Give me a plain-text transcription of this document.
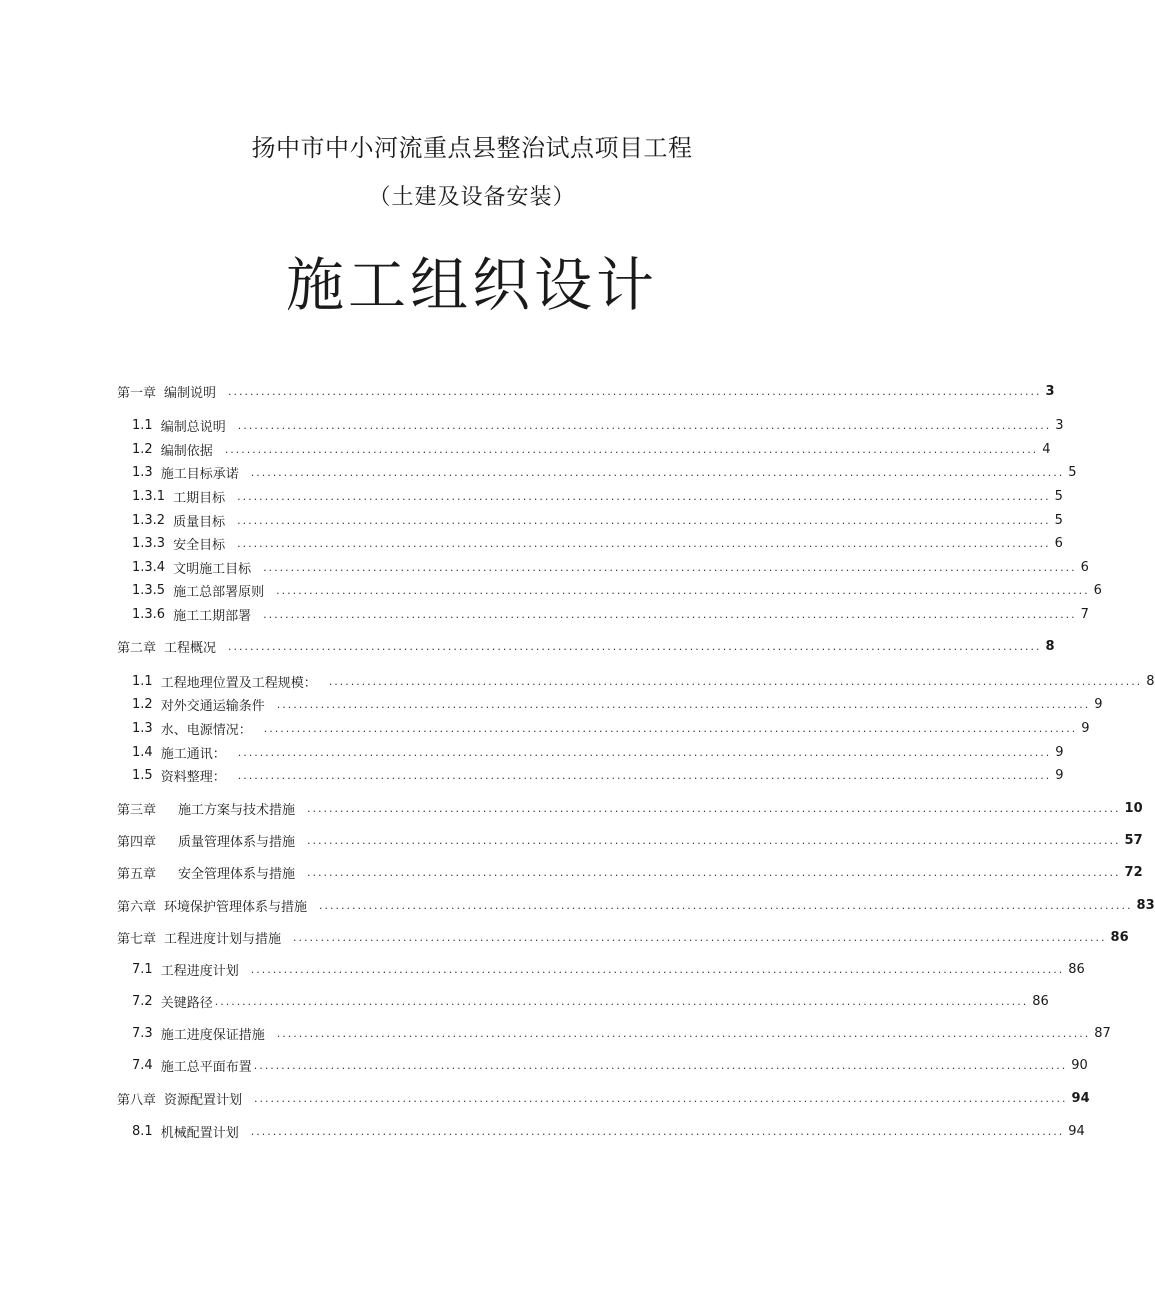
扬中市中小河流重点县整治试点项目工程
（土建及设备安装）
施工组织设计
第一章 编制说明	.................................................................................................................................................... 3
1.1 编制总说明	.................................................................................................................................................... 3
1.2 编制依据	.................................................................................................................................................... 4
1.3 施工目标承诺	.................................................................................................................................................... 5
1.3.1 工期目标	.................................................................................................................................................... 5
1.3.2 质量目标	.................................................................................................................................................... 5
1.3.3 安全目标	.................................................................................................................................................... 6
1.3.4 文明施工目标	.................................................................................................................................................... 6
1.3.5 施工总部署原则	.................................................................................................................................................... 6
1.3.6 施工工期部署	.................................................................................................................................................... 7
第二章 工程概况	.................................................................................................................................................... 8
1.1 工程地理位置及工程规模：	.................................................................................................................................................... 8
1.2 对外交通运输条件	.................................................................................................................................................... 9
1.3 水、电源情况：	.................................................................................................................................................... 9
1.4 施工通讯：	.................................................................................................................................................... 9
1.5 资料整理：	.................................................................................................................................................... 9
第三章	施工方案与技术措施	.................................................................................................................................................... 10
第四章	质量管理体系与措施	.................................................................................................................................................... 57
第五章	安全管理体系与措施	.................................................................................................................................................... 72
第六章 环境保护管理体系与措施	.................................................................................................................................................... 83
第七章 工程进度计划与措施	.................................................................................................................................................... 86
7.1 工程进度计划	.................................................................................................................................................... 86
7.2 关键路径 .................................................................................................................................................... 86
7.3 施工进度保证措施	.................................................................................................................................................... 87
7.4 施工总平面布置 .................................................................................................................................................... 90
第八章 资源配置计划	.................................................................................................................................................... 94
8.1 机械配置计划	.................................................................................................................................................... 94
